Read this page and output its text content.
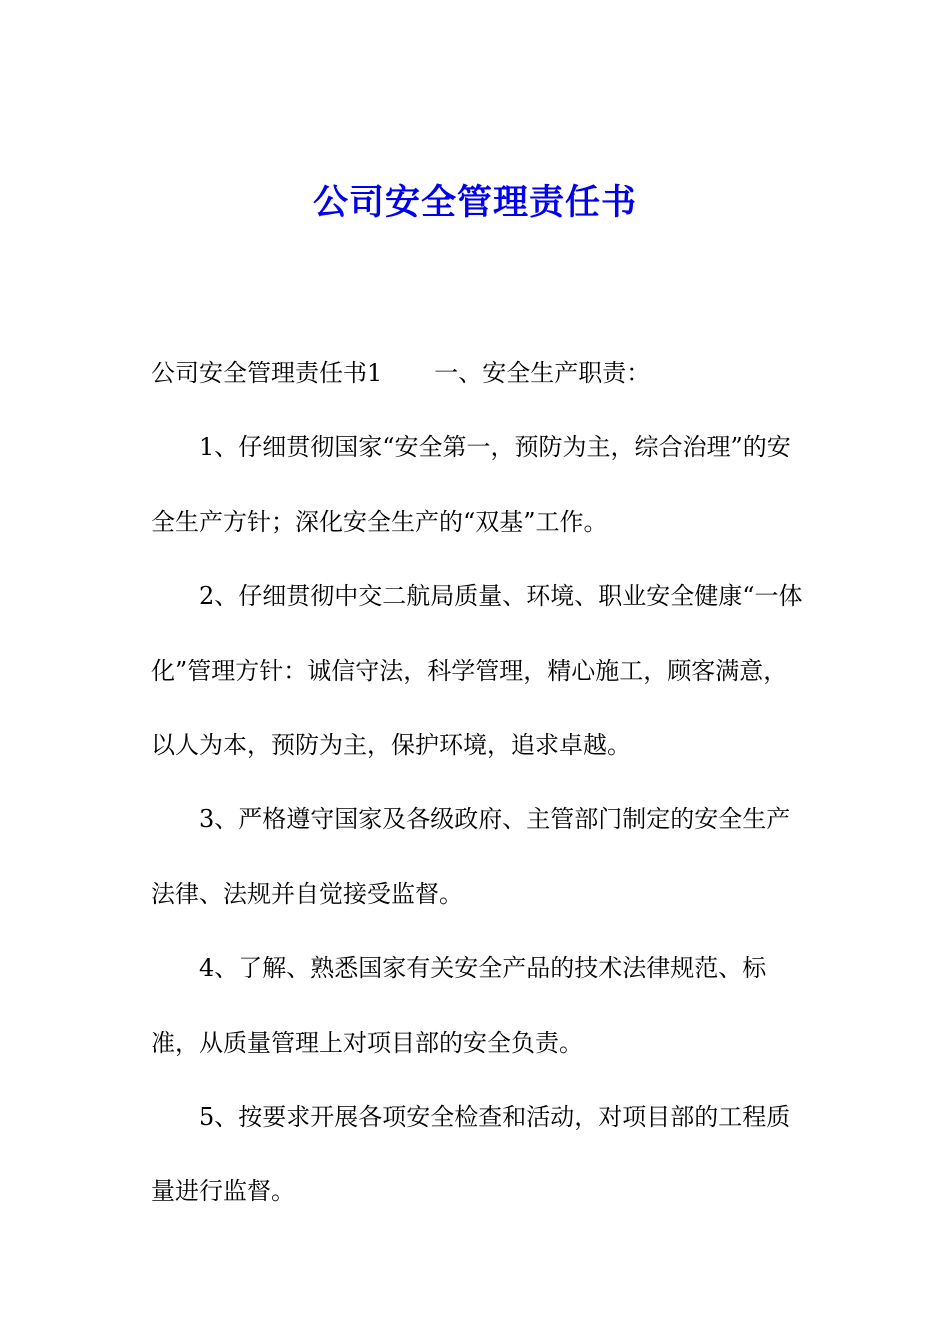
公司安全管理责任书

公司安全管理责任书1 一、安全生产职责：

1、仔细贯彻国家“安全第一，预防为主，综合治理”的安全生产方针；深化安全生产的“双基”工作。

2、仔细贯彻中交二航局质量、环境、职业安全健康“一体化”管理方针：诚信守法，科学管理，精心施工，顾客满意，以人为本，预防为主，保护环境，追求卓越。

3、严格遵守国家及各级政府、主管部门制定的安全生产法律、法规并自觉接受监督。

4、了解、熟悉国家有关安全产品的技术法律规范、标准，从质量管理上对项目部的安全负责。

5、按要求开展各项安全检查和活动，对项目部的工程质量进行监督。
